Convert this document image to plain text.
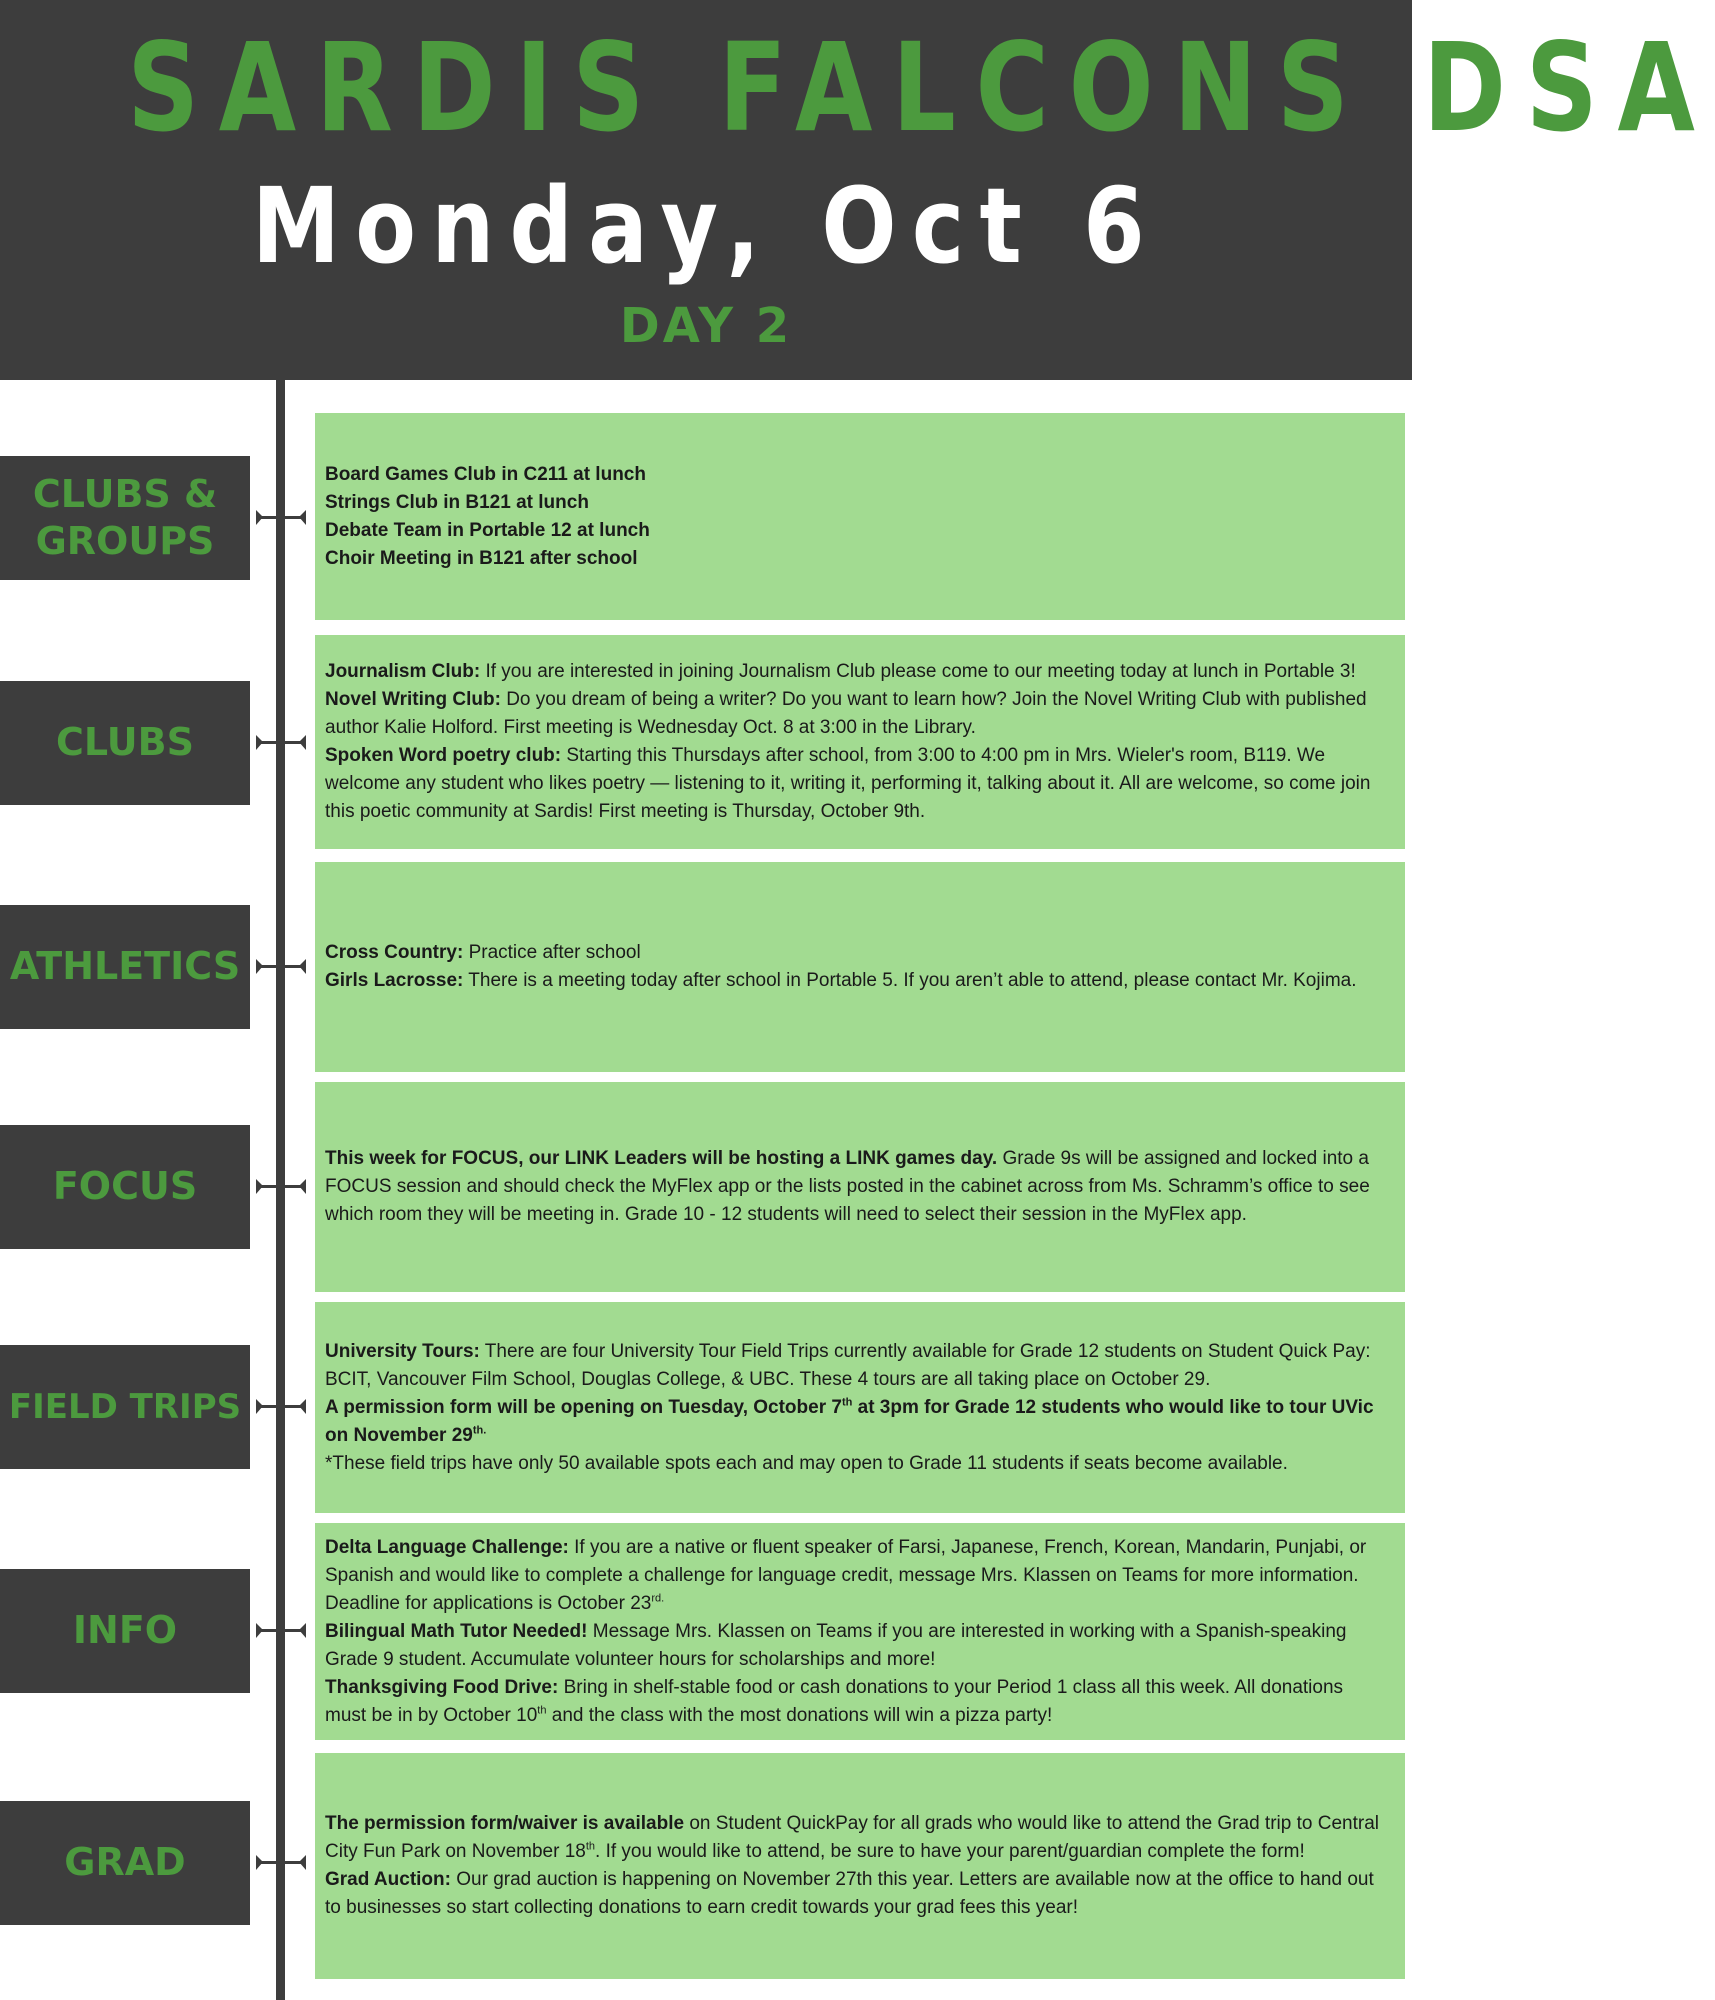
SARDIS FALCONS DSA
Monday, Oct 6
DAY 2
CLUBS &
GROUPS
Board Games Club in C211 at lunch
Strings Club in B121 at lunch
Debate Team in Portable 12 at lunch
Choir Meeting in B121 after school
CLUBS
Journalism Club: If you are interested in joining Journalism Club please come to our meeting today at lunch in Portable 3!
Novel Writing Club: Do you dream of being a writer? Do you want to learn how? Join the Novel Writing Club with published
author Kalie Holford. First meeting is Wednesday Oct. 8 at 3:00 in the Library.
Spoken Word poetry club: Starting this Thursdays after school, from 3:00 to 4:00 pm in Mrs. Wieler's room, B119. We
welcome any student who likes poetry — listening to it, writing it, performing it, talking about it. All are welcome, so come join
this poetic community at Sardis! First meeting is Thursday, October 9th.
ATHLETICS	Cross Country: Practice after school
Girls Lacrosse: There is a meeting today after school in Portable 5. If you aren’t able to attend, please contact Mr. Kojima.
FOCUS
This week for FOCUS, our LINK Leaders will be hosting a LINK games day. Grade 9s will be assigned and locked into a
FOCUS session and should check the MyFlex app or the lists posted in the cabinet across from Ms. Schramm’s office to see
which room they will be meeting in. Grade 10 - 12 students will need to select their session in the MyFlex app.
FIELD TRIPS
University Tours: There are four University Tour Field Trips currently available for Grade 12 students on Student Quick Pay:
BCIT, Vancouver Film School, Douglas College, & UBC. These 4 tours are all taking place on October 29.
A permission form will be opening on Tuesday, October 7th at 3pm for Grade 12 students who would like to tour UVic
on November $29^{th.}$
*These field trips have only 50 available spots each and may open to Grade 11 students if seats become available.
INFO
Delta Language Challenge: If you are a native or fluent speaker of Farsi, Japanese, French, Korean, Mandarin, Punjabi, or
Spanish and would like to complete a challenge for language credit, message Mrs. Klassen on Teams for more information.
Deadline for applications is October $23^{rd.}$
Bilingual Math Tutor Needed! Message Mrs. Klassen on Teams if you are interested in working with a Spanish-speaking
Grade 9 student. Accumulate volunteer hours for scholarships and more!
Thanksgiving Food Drive: Bring in shelf-stable food or cash donations to your Period 1 class all this week. All donations
must be in by October 10th and the class with the most donations will win a pizza party!
GRAD
The permission form/waiver is available on Student QuickPay for all grads who would like to attend the Grad trip to Central
City Fun Park on November 18th. If you would like to attend, be sure to have your parent/guardian complete the form!
Grad Auction: Our grad auction is happening on November 27th this year. Letters are available now at the office to hand out
to businesses so start collecting donations to earn credit towards your grad fees this year!
